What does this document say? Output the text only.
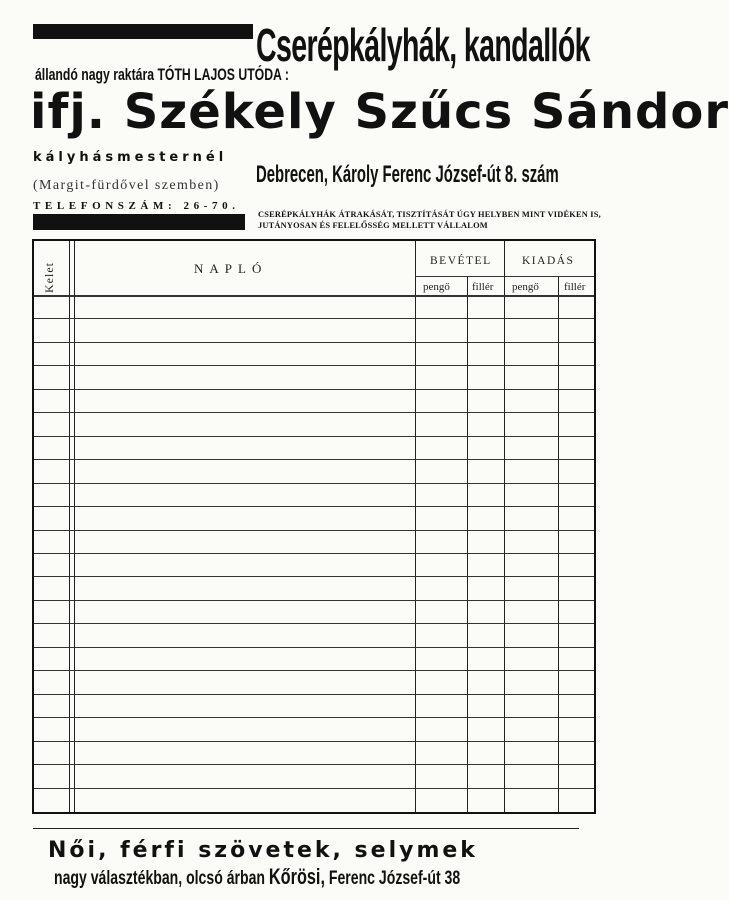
Cserépkályhák, kandallók
állandó nagy raktára TÓTH LAJOS UTÓDA :
ifj. Székely Szűcs Sándor
kályhásmesternél
Debrecen, Károly Ferenc József-út 8. szám
(Margit-fürdővel szemben)
TELEFONSZÁM: 26-70.
CSERÉPKÁLYHÁK ÁTRAKÁSÁT, TISZTÍTÁSÁT ÚGY HELYBEN MINT VIDÉKEN IS, JUTÁNYOSAN ÉS FELELŐSSÉG MELLETT VÁLLALOM
Kelet	NAPLÓ	BEVÉTEL	KIADÁS
pengő fillér pengő fillér
Női, férfi szövetek, selymek
nagy választékban, olcsó árban Kőrösi, Ferenc József-út 38
